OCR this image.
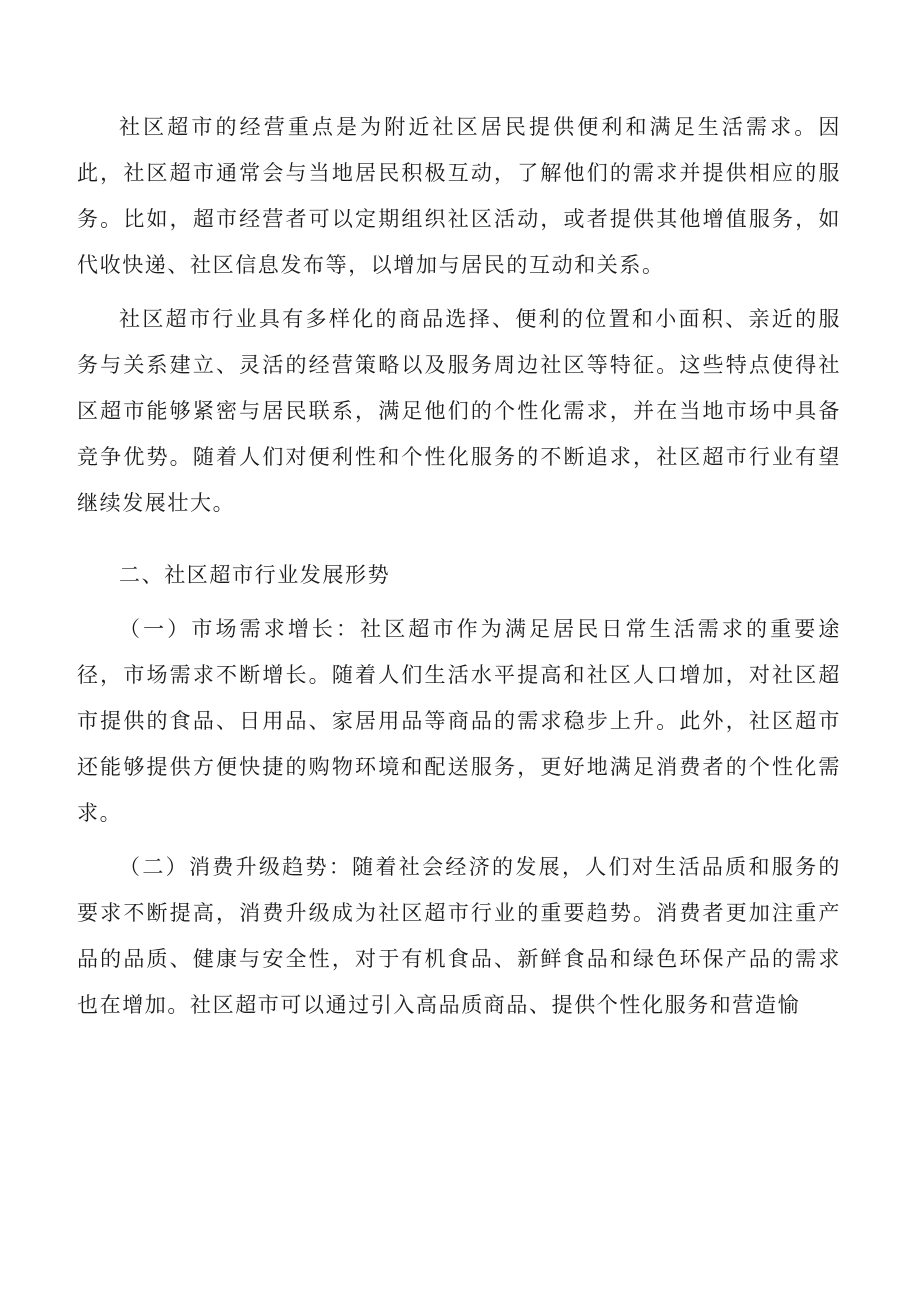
社区超市的经营重点是为附近社区居民提供便利和满足生活需求。因此，社区超市通常会与当地居民积极互动，了解他们的需求并提供相应的服务。比如，超市经营者可以定期组织社区活动，或者提供其他增值服务，如代收快递、社区信息发布等，以增加与居民的互动和关系。

社区超市行业具有多样化的商品选择、便利的位置和小面积、亲近的服务与关系建立、灵活的经营策略以及服务周边社区等特征。这些特点使得社区超市能够紧密与居民联系，满足他们的个性化需求，并在当地市场中具备竞争优势。随着人们对便利性和个性化服务的不断追求，社区超市行业有望继续发展壮大。

二、社区超市行业发展形势

（一）市场需求增长：社区超市作为满足居民日常生活需求的重要途径，市场需求不断增长。随着人们生活水平提高和社区人口增加，对社区超市提供的食品、日用品、家居用品等商品的需求稳步上升。此外，社区超市还能够提供方便快捷的购物环境和配送服务，更好地满足消费者的个性化需求。

（二）消费升级趋势：随着社会经济的发展，人们对生活品质和服务的要求不断提高，消费升级成为社区超市行业的重要趋势。消费者更加注重产品的品质、健康与安全性，对于有机食品、新鲜食品和绿色环保产品的需求也在增加。社区超市可以通过引入高品质商品、提供个性化服务和营造愉
